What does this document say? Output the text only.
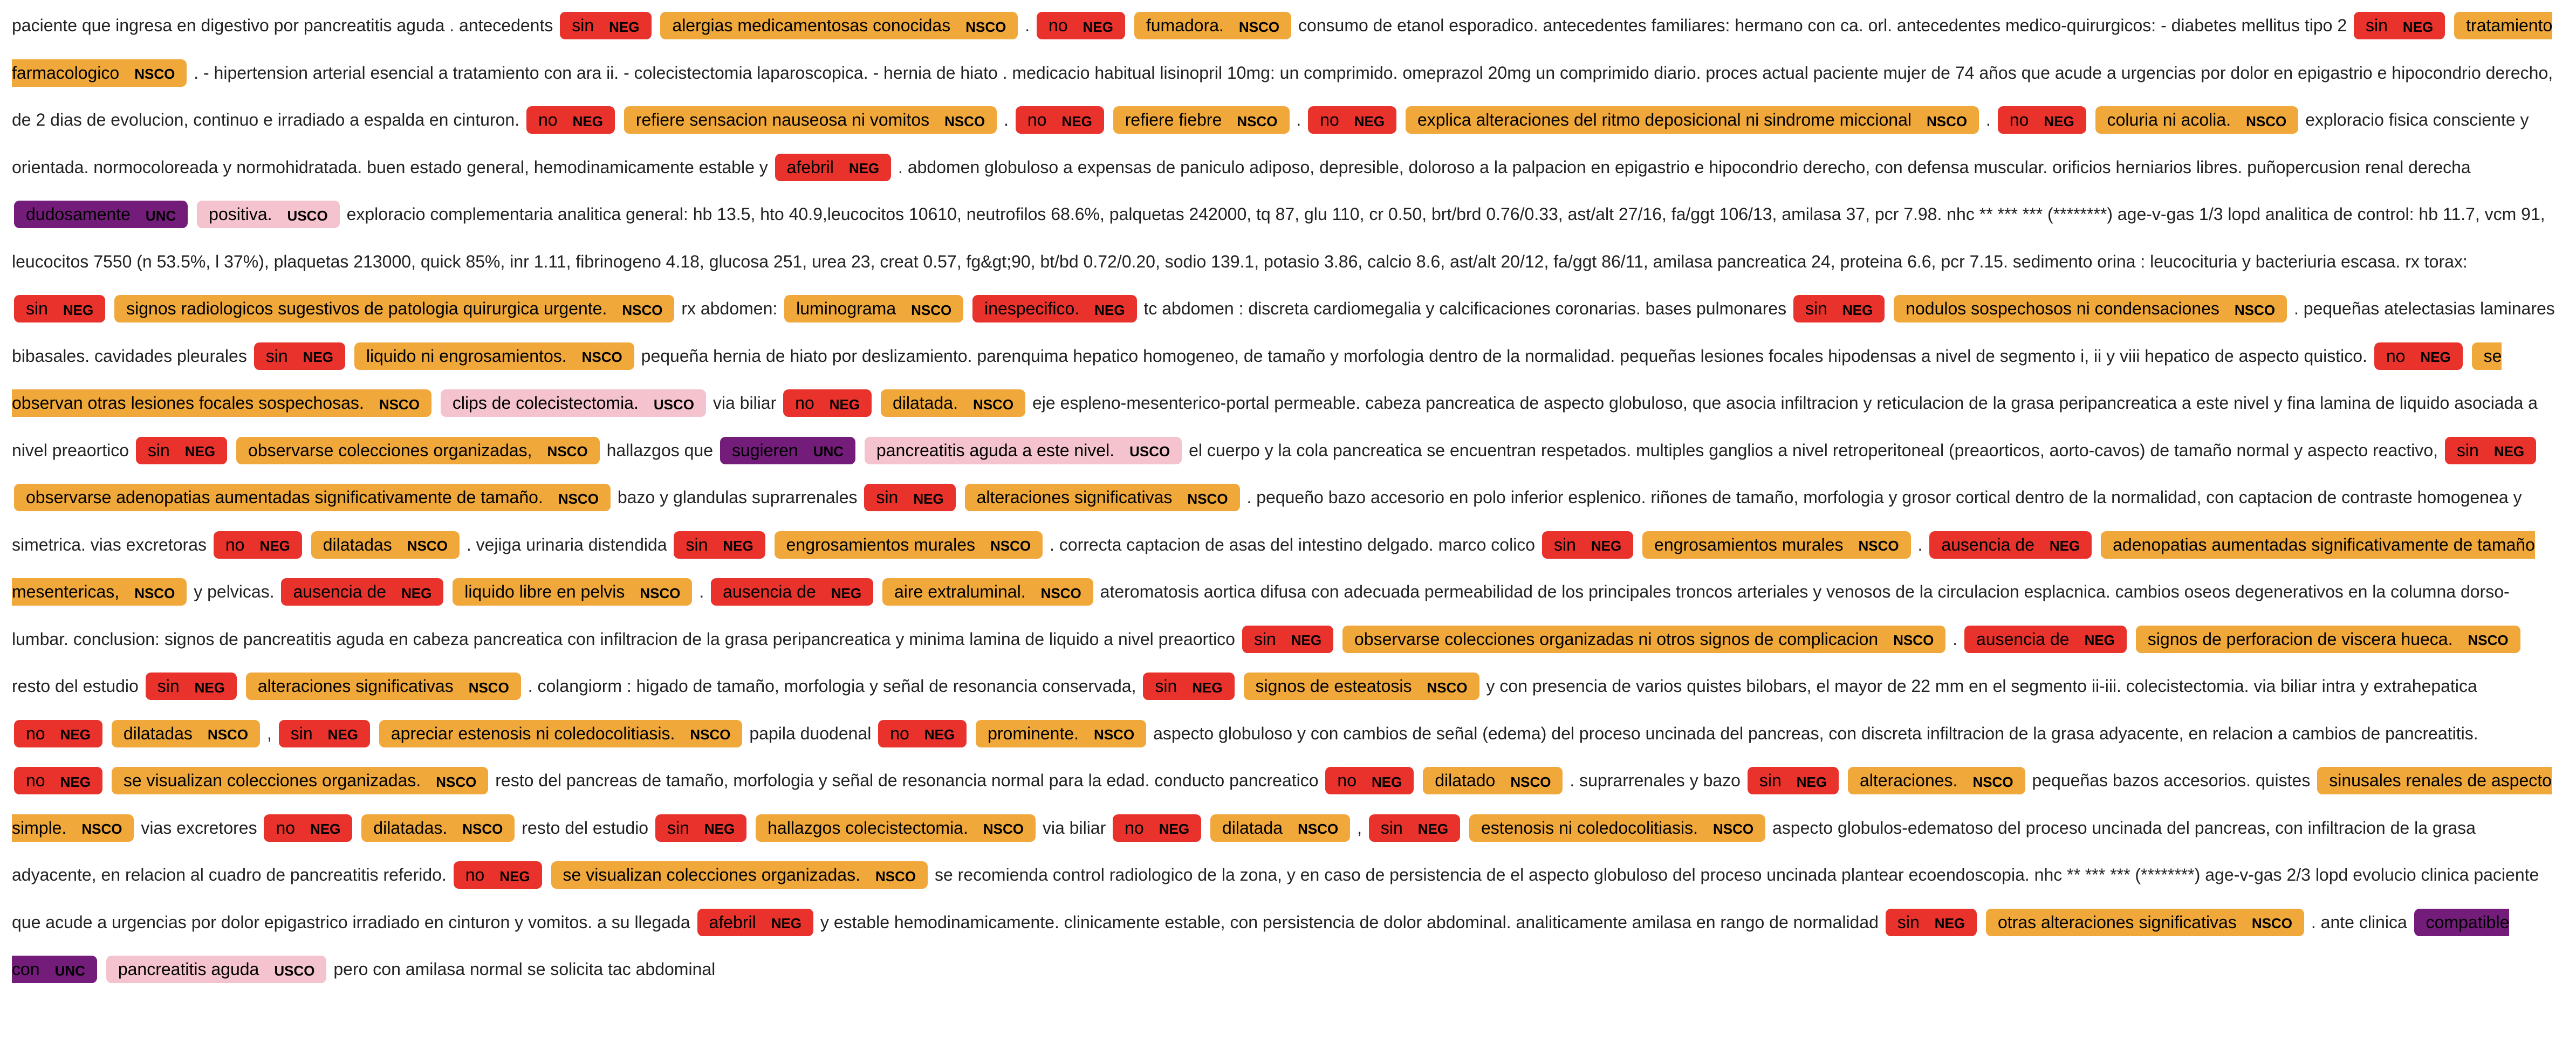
paciente que ingresa en digestivo por pancreatitis aguda . antecedents sin NEG alergias medicamentosas conocidas NSCO . no NEG fumadora. NSCO consumo de etanol esporadico. antecedentes familiares: hermano con ca. orl. antecedentes medico-quirurgicos: - diabetes mellitus tipo 2 sin NEG tratamiento farmacologico NSCO . - hipertension arterial esencial a tratamiento con ara ii. - colecistectomia laparoscopica. - hernia de hiato . medicacio habitual lisinopril 10mg: un comprimido. omeprazol 20mg un comprimido diario. proces actual paciente mujer de 74 años que acude a urgencias por dolor en epigastrio e hipocondrio derecho, de 2 dias de evolucion, continuo e irradiado a espalda en cinturon. no NEG refiere sensacion nauseosa ni vomitos NSCO . no NEG refiere fiebre NSCO . no NEG explica alteraciones del ritmo deposicional ni sindrome miccional NSCO . no NEG coluria ni acolia. NSCO exploracio fisica consciente y orientada. normocoloreada y normohidratada. buen estado general, hemodinamicamente estable y afebril NEG . abdomen globuloso a expensas de paniculo adiposo, depresible, doloroso a la palpacion en epigastrio e hipocondrio derecho, con defensa muscular. orificios herniarios libres. puñopercusion renal derecha dudosamente UNC positiva. USCO exploracio complementaria analitica general: hb 13.5, hto 40.9,leucocitos 10610, neutrofilos 68.6%, palquetas 242000, tq 87, glu 110, cr 0.50, brt/brd 0.76/0.33, ast/alt 27/16, fa/ggt 106/13, amilasa 37, pcr 7.98. nhc ** *** *** (********) age-v-gas 1/3 lopd analitica de control: hb 11.7, vcm 91, leucocitos 7550 (n 53.5%, l 37%), plaquetas 213000, quick 85%, inr 1.11, fibrinogeno 4.18, glucosa 251, urea 23, creat 0.57, fg&gt;90, bt/bd 0.72/0.20, sodio 139.1, potasio 3.86, calcio 8.6, ast/alt 20/12, fa/ggt 86/11, amilasa pancreatica 24, proteina 6.6, pcr 7.15. sedimento orina : leucocituria y bacteriuria escasa. rx torax: sin NEG signos radiologicos sugestivos de patologia quirurgica urgente. NSCO rx abdomen: luminograma NSCO inespecifico. NEG tc abdomen : discreta cardiomegalia y calcificaciones coronarias. bases pulmonares sin NEG nodulos sospechosos ni condensaciones NSCO . pequeñas atelectasias laminares bibasales. cavidades pleurales sin NEG liquido ni engrosamientos. NSCO pequeña hernia de hiato por deslizamiento. parenquima hepatico homogeneo, de tamaño y morfologia dentro de la normalidad. pequeñas lesiones focales hipodensas a nivel de segmento i, ii y viii hepatico de aspecto quistico. no NEG se observan otras lesiones focales sospechosas. NSCO clips de colecistectomia. USCO via biliar no NEG dilatada. NSCO eje espleno-mesenterico-portal permeable. cabeza pancreatica de aspecto globuloso, que asocia infiltracion y reticulacion de la grasa peripancreatica a este nivel y fina lamina de liquido asociada a nivel preaortico sin NEG observarse colecciones organizadas, NSCO hallazgos que sugieren UNC pancreatitis aguda a este nivel. USCO el cuerpo y la cola pancreatica se encuentran respetados. multiples ganglios a nivel retroperitoneal (preaorticos, aorto-cavos) de tamaño normal y aspecto reactivo, sin NEG observarse adenopatias aumentadas significativamente de tamaño. NSCO bazo y glandulas suprarrenales sin NEG alteraciones significativas NSCO . pequeño bazo accesorio en polo inferior esplenico. riñones de tamaño, morfologia y grosor cortical dentro de la normalidad, con captacion de contraste homogenea y simetrica. vias excretoras no NEG dilatadas NSCO . vejiga urinaria distendida sin NEG engrosamientos murales NSCO . correcta captacion de asas del intestino delgado. marco colico sin NEG engrosamientos murales NSCO . ausencia de NEG adenopatias aumentadas significativamente de tamaño mesentericas, NSCO y pelvicas. ausencia de NEG liquido libre en pelvis NSCO . ausencia de NEG aire extraluminal. NSCO ateromatosis aortica difusa con adecuada permeabilidad de los principales troncos arteriales y venosos de la circulacion esplacnica. cambios oseos degenerativos en la columna dorso-lumbar. conclusion: signos de pancreatitis aguda en cabeza pancreatica con infiltracion de la grasa peripancreatica y minima lamina de liquido a nivel preaortico sin NEG observarse colecciones organizadas ni otros signos de complicacion NSCO . ausencia de NEG signos de perforacion de viscera hueca. NSCO resto del estudio sin NEG alteraciones significativas NSCO . colangiorm : higado de tamaño, morfologia y señal de resonancia conservada, sin NEG signos de esteatosis NSCO y con presencia de varios quistes bilobars, el mayor de 22 mm en el segmento ii-iii. colecistectomia. via biliar intra y extrahepatica no NEG dilatadas NSCO , sin NEG apreciar estenosis ni coledocolitiasis. NSCO papila duodenal no NEG prominente. NSCO aspecto globuloso y con cambios de señal (edema) del proceso uncinada del pancreas, con discreta infiltracion de la grasa adyacente, en relacion a cambios de pancreatitis. no NEG se visualizan colecciones organizadas. NSCO resto del pancreas de tamaño, morfologia y señal de resonancia normal para la edad. conducto pancreatico no NEG dilatado NSCO . suprarrenales y bazo sin NEG alteraciones. NSCO pequeñas bazos accesorios. quistes sinusales renales de aspecto simple. NSCO vias excretores no NEG dilatadas. NSCO resto del estudio sin NEG hallazgos colecistectomia. NSCO via biliar no NEG dilatada NSCO , sin NEG estenosis ni coledocolitiasis. NSCO aspecto globulos-edematoso del proceso uncinada del pancreas, con infiltracion de la grasa adyacente, en relacion al cuadro de pancreatitis referido. no NEG se visualizan colecciones organizadas. NSCO se recomienda control radiologico de la zona, y en caso de persistencia de el aspecto globuloso del proceso uncinada plantear ecoendoscopia. nhc ** *** *** (********) age-v-gas 2/3 lopd evolucio clinica paciente que acude a urgencias por dolor epigastrico irradiado en cinturon y vomitos. a su llegada afebril NEG y estable hemodinamicamente. clinicamente estable, con persistencia de dolor abdominal. analiticamente amilasa en rango de normalidad sin NEG otras alteraciones significativas NSCO . ante clinica compatible con UNC pancreatitis aguda USCO pero con amilasa normal se solicita tac abdominal
